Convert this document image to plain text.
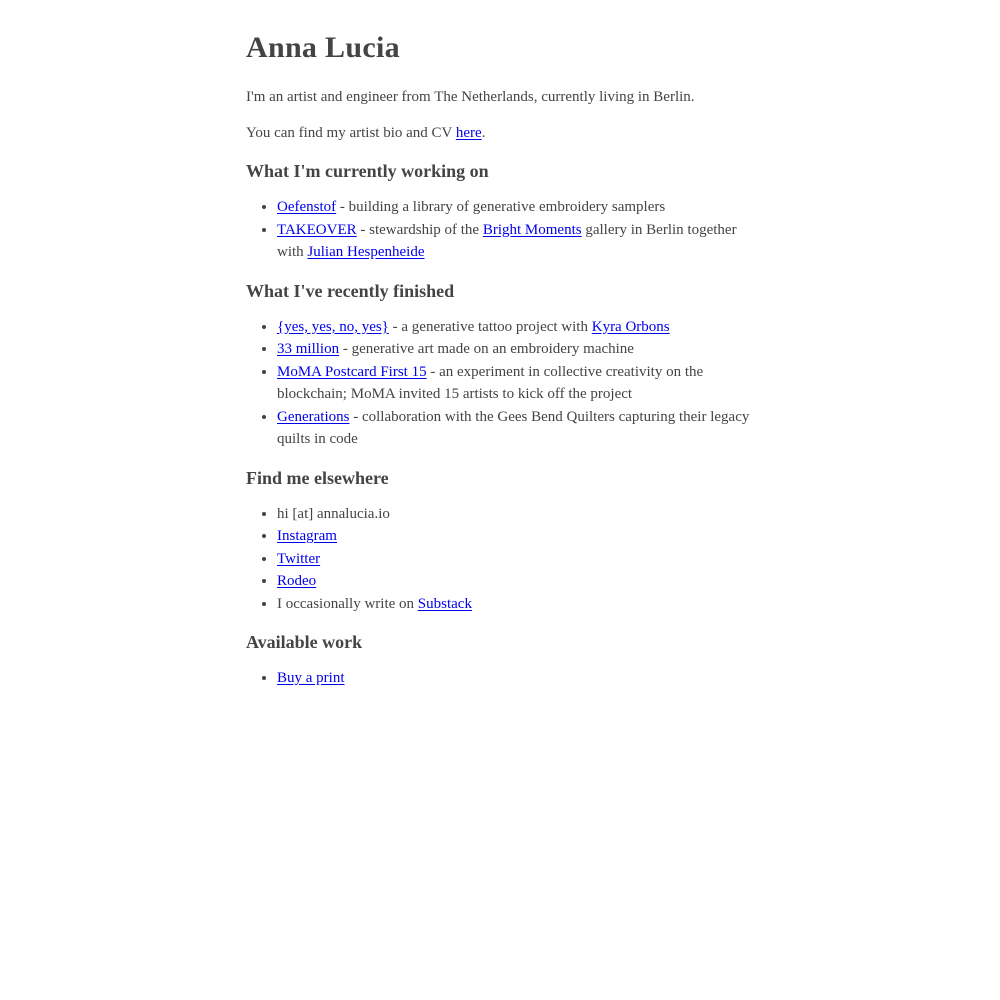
Anna Lucia

I'm an artist and engineer from The Netherlands, currently living in Berlin.

You can find my artist bio and CV here.

What I'm currently working on
• Oefenstof - building a library of generative embroidery samplers
• TAKEOVER - stewardship of the Bright Moments gallery in Berlin together with Julian Hespenheide
What I've recently finished
• {yes, yes, no, yes} - a generative tattoo project with Kyra Orbons
• 33 million - generative art made on an embroidery machine
• MoMA Postcard First 15 - an experiment in collective creativity on the blockchain; MoMA invited 15 artists to kick off the project
• Generations - collaboration with the Gees Bend Quilters capturing their legacy quilts in code
Find me elsewhere
• hi [at] annalucia.io
• Instagram
• Twitter
• Rodeo
• I occasionally write on Substack
Available work
• Buy a print
